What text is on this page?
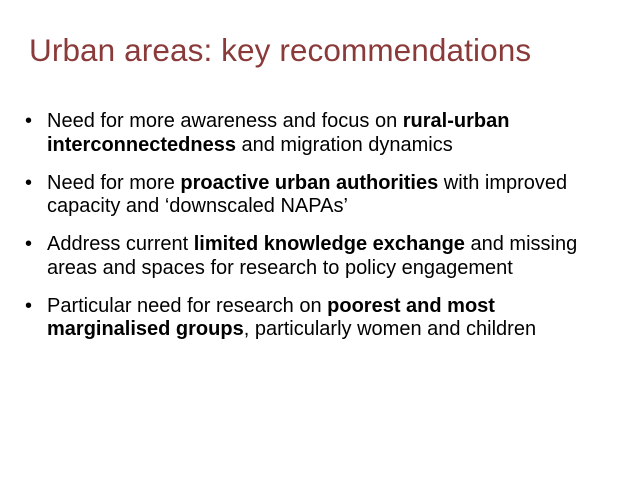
Urban areas: key recommendations
• Need for more awareness and focus on rural-urban interconnectedness and migration dynamics
• Need for more proactive urban authorities with improved capacity and ‘downscaled NAPAs’
• Address current limited knowledge exchange and missing areas and spaces for research to policy engagement
• Particular need for research on poorest and most marginalised groups, particularly women and children
